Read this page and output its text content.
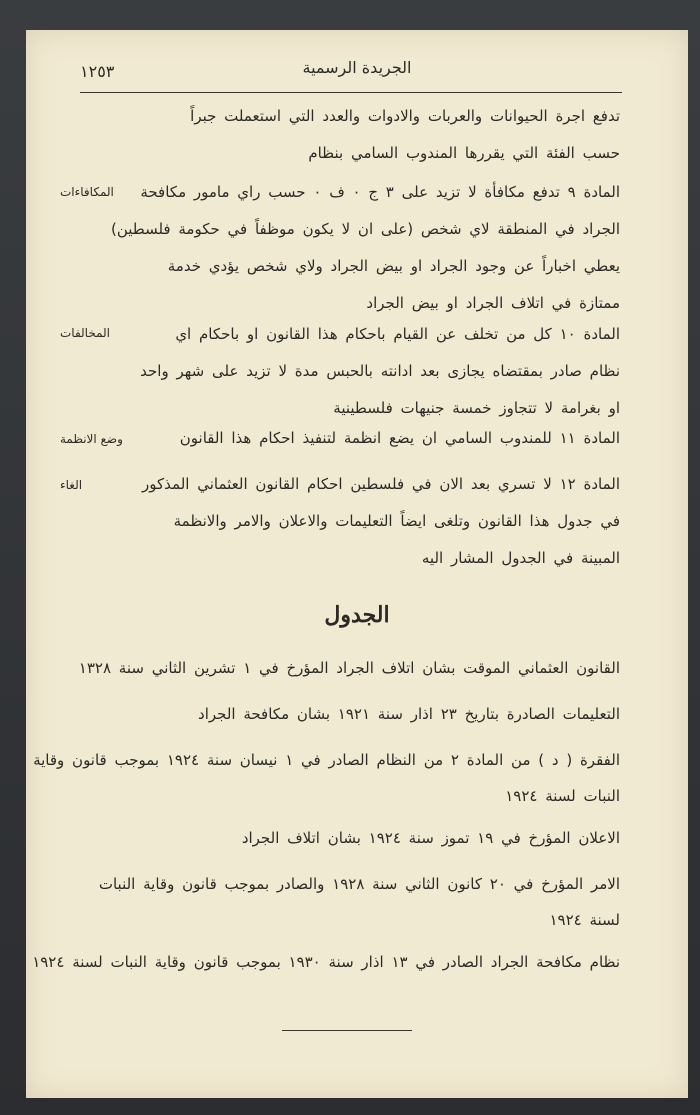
١٢٥٣	الجريدة الرسمية
تدفع اجرة الحيوانات والعربات والادوات والعدد التي استعملت جبراً
حسب الفئة التي يقررها المندوب السامي بنظام
المادة ٩ تدفع مكافأة لا تزيد على ٣ ج ٠ ف ٠ حسب راي مامور مكافحة
الجراد في المنطقة لاي شخص (على ان لا يكون موظفاً في حكومة فلسطين)
يعطي اخباراً عن وجود الجراد او بيض الجراد ولاي شخص يؤدي خدمة
ممتازة في اتلاف الجراد او بيض الجراد
المكافاءات
المادة ١٠ كل من تخلف عن القيام باحكام هذا القانون او باحكام اي
نظام صادر بمقتضاه يجازى بعد ادانته بالحبس مدة لا تزيد على شهر واحد
او بغرامة لا تتجاوز خمسة جنيهات فلسطينية
المخالفات
المادة ١١ للمندوب السامي ان يضع انظمة لتنفيذ احكام هذا القانون
وضع الانظمة
المادة ١٢ لا تسري بعد الان في فلسطين احكام القانون العثماني المذكور
في جدول هذا القانون وتلغى ايضاً التعليمات والاعلان والامر والانظمة
المبينة في الجدول المشار اليه
الغاء
الجدول
القانون العثماني الموقت بشان اتلاف الجراد المؤرخ في ١ تشرين الثاني سنة ١٣٢٨
التعليمات الصادرة بتاريخ ٢٣ اذار سنة ١٩٢١ بشان مكافحة الجراد
الفقرة ( د ) من المادة ٢ من النظام الصادر في ١ نيسان سنة ١٩٢٤ بموجب قانون وقاية
النبات لسنة ١٩٢٤
الاعلان المؤرخ في ١٩ تموز سنة ١٩٢٤ بشان اتلاف الجراد
الامر المؤرخ في ٢٠ كانون الثاني سنة ١٩٢٨ والصادر بموجب قانون وقاية النبات
لسنة ١٩٢٤
نظام مكافحة الجراد الصادر في ١٣ اذار سنة ١٩٣٠ بموجب قانون وقاية النبات لسنة ١٩٢٤ .
